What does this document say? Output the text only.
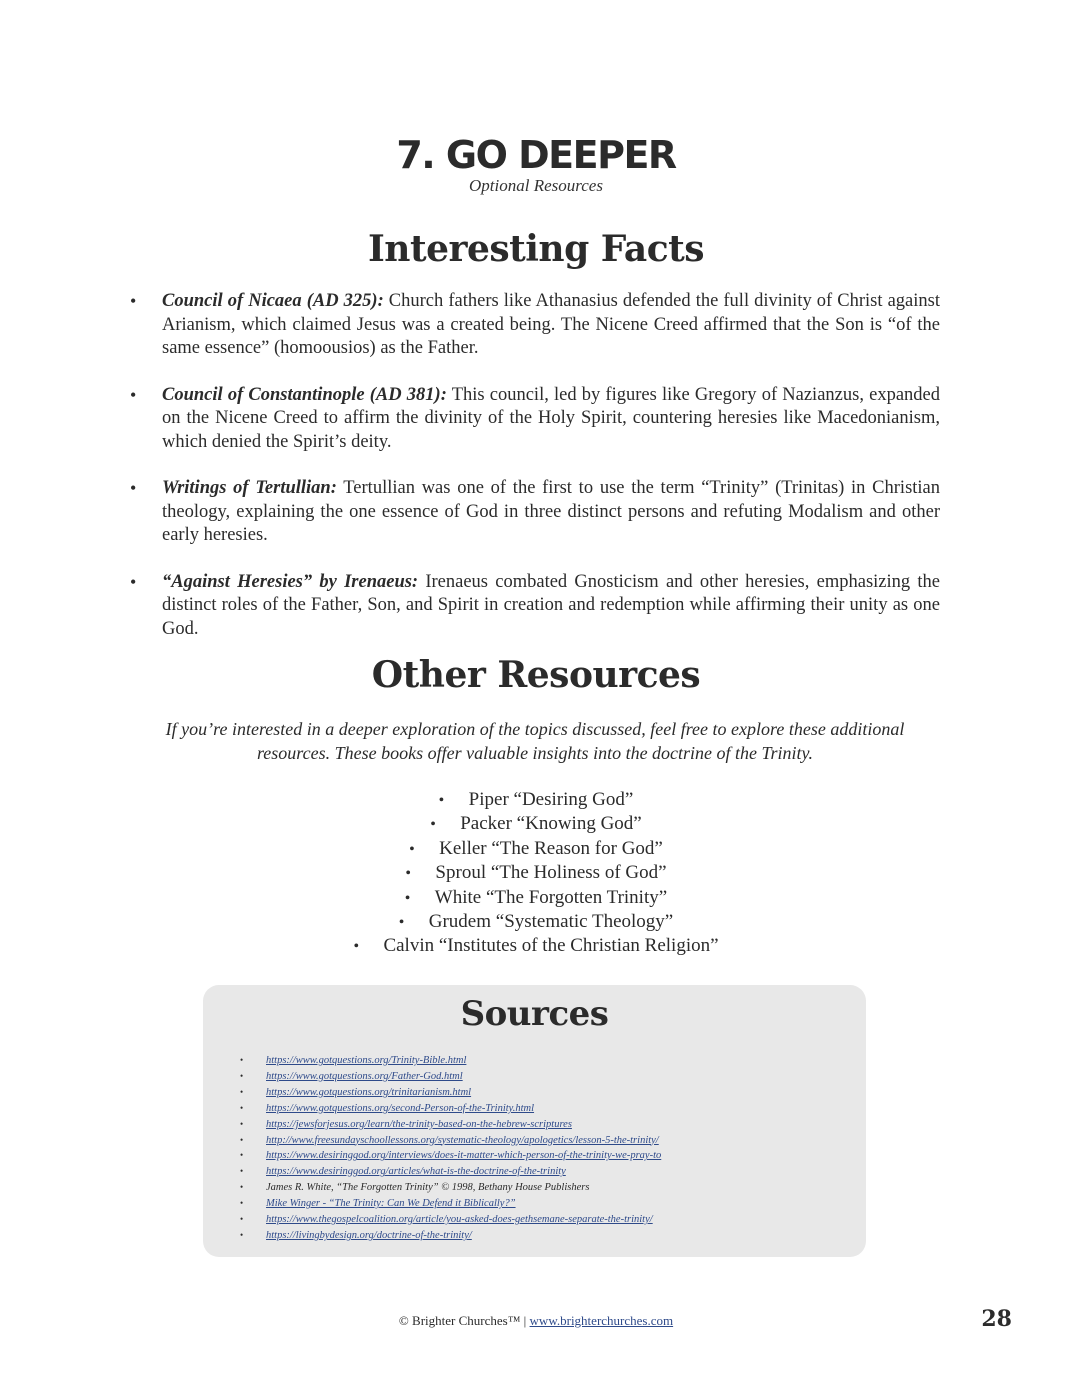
7. GO DEEPER
Optional Resources
Interesting Facts
• Council of Nicaea (AD 325): Church fathers like Athanasius defended the full divinity of Christ against Arianism, which claimed Jesus was a created being. The Nicene Creed affirmed that the Son is “of the same essence” (homoousios) as the Father.
• Council of Constantinople (AD 381): This council, led by figures like Gregory of Nazianzus, expanded on the Nicene Creed to affirm the divinity of the Holy Spirit, countering heresies like Macedonianism, which denied the Spirit’s deity.
• Writings of Tertullian: Tertullian was one of the first to use the term “Trinity” (Trinitas) in Christian theology, explaining the one essence of God in three distinct persons and refuting Modalism and other early heresies.
• “Against Heresies” by Irenaeus: Irenaeus combated Gnosticism and other heresies, emphasizing the distinct roles of the Father, Son, and Spirit in creation and redemption while affirming their unity as one God.
Other Resources
If you’re interested in a deeper exploration of the topics discussed, feel free to explore these additional resources. These books offer valuable insights into the doctrine of the Trinity.
• Piper “Desiring God”
• Packer “Knowing God”
• Keller “The Reason for God”
• Sproul “The Holiness of God”
• White “The Forgotten Trinity”
• Grudem “Systematic Theology”
• Calvin “Institutes of the Christian Religion”
Sources
• https://www.gotquestions.org/Trinity-Bible.html
• https://www.gotquestions.org/Father-God.html
• https://www.gotquestions.org/trinitarianism.html
• https://www.gotquestions.org/second-Person-of-the-Trinity.html
• https://jewsforjesus.org/learn/the-trinity-based-on-the-hebrew-scriptures
• http://www.freesundayschoollessons.org/systematic-theology/apologetics/lesson-5-the-trinity/
• https://www.desiringgod.org/interviews/does-it-matter-which-person-of-the-trinity-we-pray-to
• https://www.desiringgod.org/articles/what-is-the-doctrine-of-the-trinity
• James R. White, “The Forgotten Trinity” © 1998, Bethany House Publishers
• Mike Winger - “The Trinity: Can We Defend it Biblically?”
• https://www.thegospelcoalition.org/article/you-asked-does-gethsemane-separate-the-trinity/
• https://livingbydesign.org/doctrine-of-the-trinity/
© Brighter Churches™ | www.brighterchurches.com	28
